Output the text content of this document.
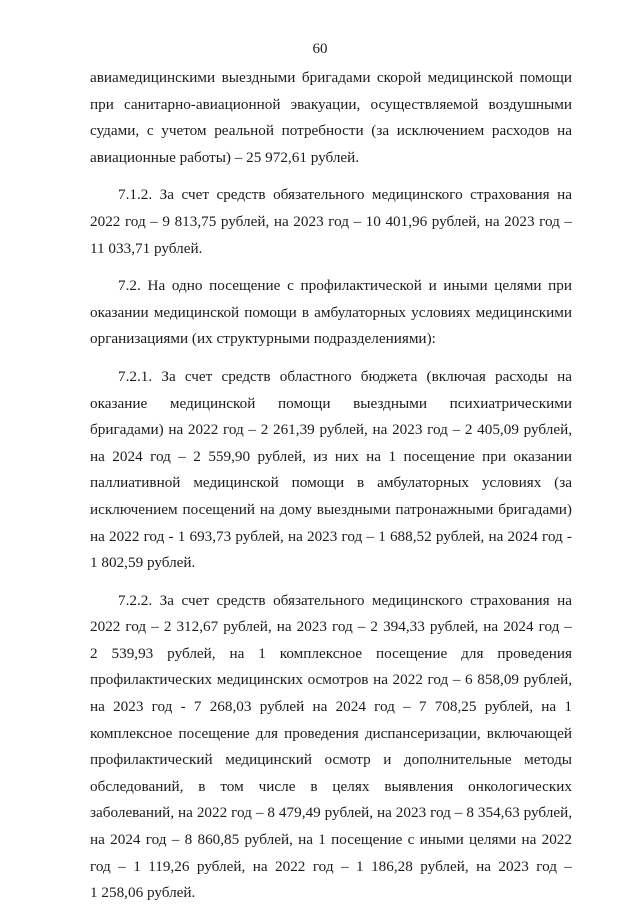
60
авиамедицинскими выездными бригадами скорой медицинской помощи
при санитарно-авиационной эвакуации, осуществляемой воздушными
судами, с учетом реальной потребности (за исключением расходов на
авиационные работы) – 25 972,61 рублей.
7.1.2. За счет средств обязательного медицинского страхования на
2022 год – 9 813,75 рублей, на 2023 год – 10 401,96 рублей, на 2023 год –
11 033,71 рублей.
7.2. На одно посещение с профилактической и иными целями при
оказании медицинской помощи в амбулаторных условиях медицинскими
организациями (их структурными подразделениями):
7.2.1. За счет средств областного бюджета (включая расходы на
оказание медицинской помощи выездными психиатрическими
бригадами) на 2022 год – 2 261,39 рублей, на 2023 год – 2 405,09 рублей,
на 2024 год – 2 559,90 рублей, из них на 1 посещение при оказании
паллиативной медицинской помощи в амбулаторных условиях (за
исключением посещений на дому выездными патронажными бригадами)
на 2022 год - 1 693,73 рублей, на 2023 год – 1 688,52 рублей, на 2024 год -
1 802,59 рублей.
7.2.2. За счет средств обязательного медицинского страхования на
2022 год – 2 312,67 рублей, на 2023 год – 2 394,33 рублей, на 2024 год –
2 539,93 рублей, на 1 комплексное посещение для проведения
профилактических медицинских осмотров на 2022 год – 6 858,09 рублей,
на 2023 год - 7 268,03 рублей на 2024 год – 7 708,25 рублей, на 1
комплексное посещение для проведения диспансеризации, включающей
профилактический медицинский осмотр и дополнительные методы
обследований, в том числе в целях выявления онкологических
заболеваний, на 2022 год – 8 479,49 рублей, на 2023 год – 8 354,63 рублей,
на 2024 год – 8 860,85 рублей, на 1 посещение с иными целями на 2022
год – 1 119,26 рублей, на 2022 год – 1 186,28 рублей, на 2023 год –
1 258,06 рублей.
